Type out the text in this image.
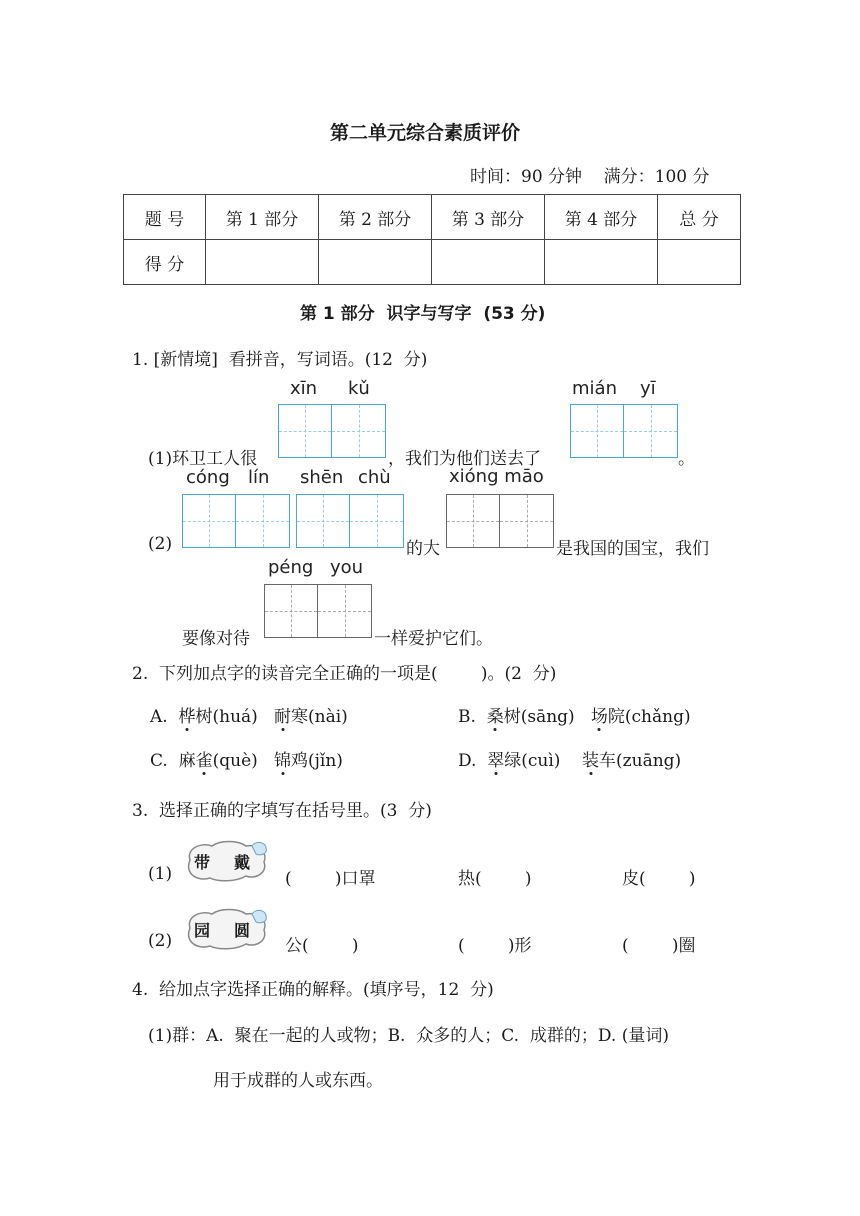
第二单元综合素质评价
时间：90 分钟    满分：100 分
题 号	第 1 部分	第 2 部分	第 3 部分	第 4 部分	总 分
得 分					
第 1 部分  识字与写字  (53 分)
1. [新情境]  看拼音，写词语。(12  分)
xīn kǔ
(1)环卫工人很	，我们为他们送去了
mián yī
。
cóng lín shēn chù	xióng māo
(2)	的大	是我国的国宝，我们
péng you
要像对待	一样爱护它们。
2.  下列加点字的读音完全正确的一项是(        )。(2  分)
A. 桦树(huá) 耐寒(nài)	B. 桑树(sāng) 场院(chǎng)
C. 麻雀(què) 锦鸡(jǐn)	D. 翠绿(cuì) 装车(zuāng)
3.  选择正确的字填写在括号里。(3  分)
带 戴
(1)	(        )口罩	热(        )	皮(        )
园 圆
(2)	公(        )	(        )形	(        )圈
4.  给加点字选择正确的解释。(填序号，12  分)
(1)群：A.  聚在一起的人或物；B.  众多的人；C.  成群的；D. (量词)
用于成群的人或东西。
